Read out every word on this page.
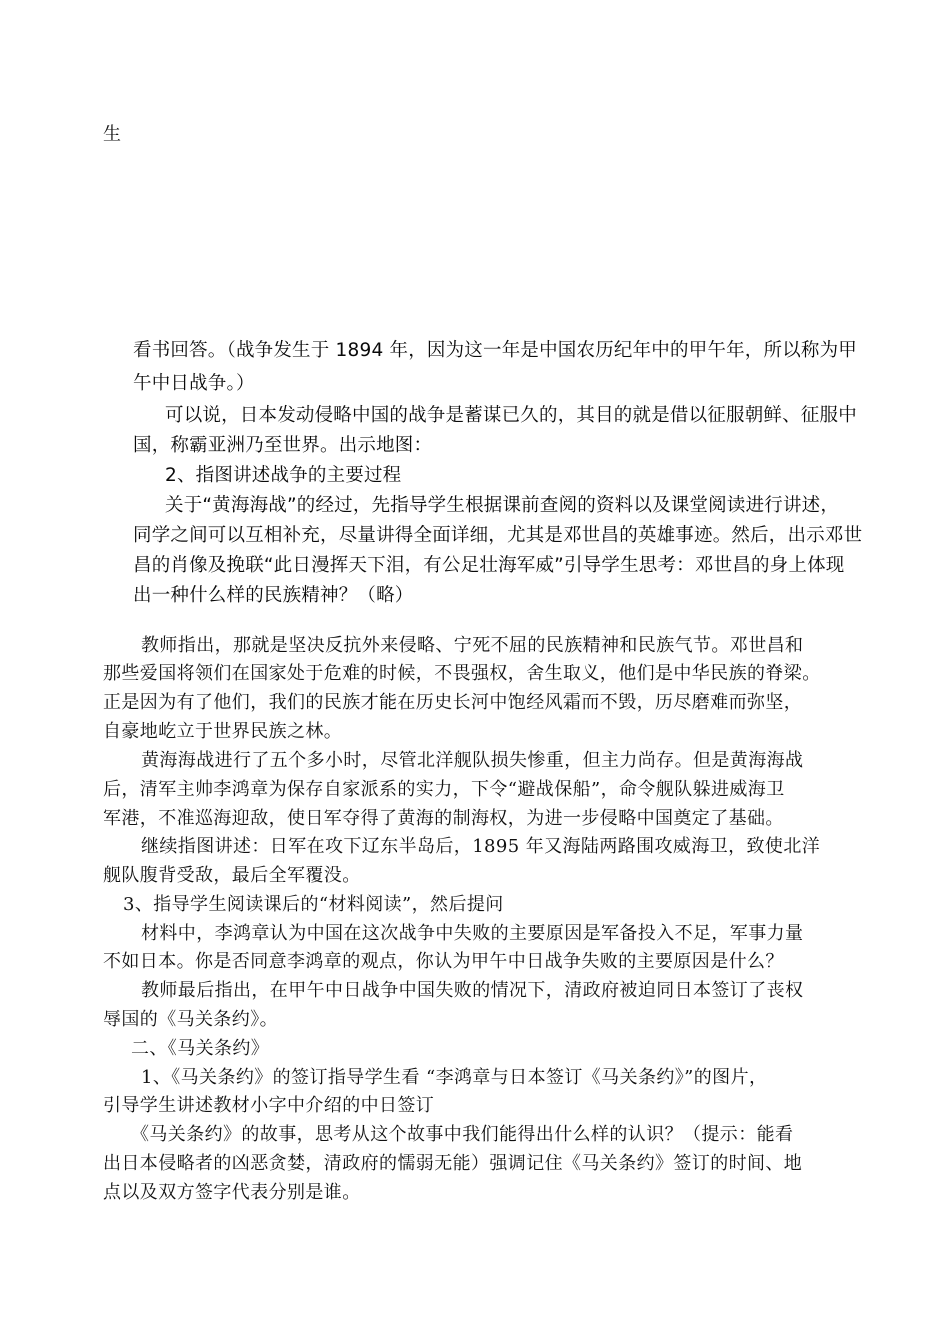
生

看书回答。（战争发生于 1894 年，因为这一年是中国农历纪年中的甲午年，所以称为甲

午中日战争。）

可以说，日本发动侵略中国的战争是蓄谋已久的，其目的就是借以征服朝鲜、征服中

国，称霸亚洲乃至世界。出示地图：

2、指图讲述战争的主要过程

关于“黄海海战”的经过，先指导学生根据课前查阅的资料以及课堂阅读进行讲述，

同学之间可以互相补充，尽量讲得全面详细，尤其是邓世昌的英雄事迹。然后，出示邓世

昌的肖像及挽联“此日漫挥天下泪，有公足壮海军威”引导学生思考：邓世昌的身上体现

出一种什么样的民族精神？（略）

教师指出，那就是坚决反抗外来侵略、宁死不屈的民族精神和民族气节。邓世昌和

那些爱国将领们在国家处于危难的时候，不畏强权，舍生取义，他们是中华民族的脊梁。

正是因为有了他们，我们的民族才能在历史长河中饱经风霜而不毁，历尽磨难而弥坚，

自豪地屹立于世界民族之林。

黄海海战进行了五个多小时，尽管北洋舰队损失惨重，但主力尚存。但是黄海海战

后，清军主帅李鸿章为保存自家派系的实力，下令“避战保船”，命令舰队躲进威海卫

军港，不准巡海迎敌，使日军夺得了黄海的制海权，为进一步侵略中国奠定了基础。

继续指图讲述：日军在攻下辽东半岛后，1895 年又海陆两路围攻威海卫，致使北洋

舰队腹背受敌，最后全军覆没。

3、指导学生阅读课后的“材料阅读”，然后提问

材料中，李鸿章认为中国在这次战争中失败的主要原因是军备投入不足，军事力量

不如日本。你是否同意李鸿章的观点，你认为甲午中日战争失败的主要原因是什么？

教师最后指出，在甲午中日战争中国失败的情况下，清政府被迫同日本签订了丧权

辱国的《马关条约》。

二、《马关条约》

1、《马关条约》的签订指导学生看 “李鸿章与日本签订《马关条约》”的图片，

引导学生讲述教材小字中介绍的中日签订

《马关条约》的故事，思考从这个故事中我们能得出什么样的认识？（提示：能看

出日本侵略者的凶恶贪婪，清政府的懦弱无能）强调记住《马关条约》签订的时间、地

点以及双方签字代表分别是谁。
